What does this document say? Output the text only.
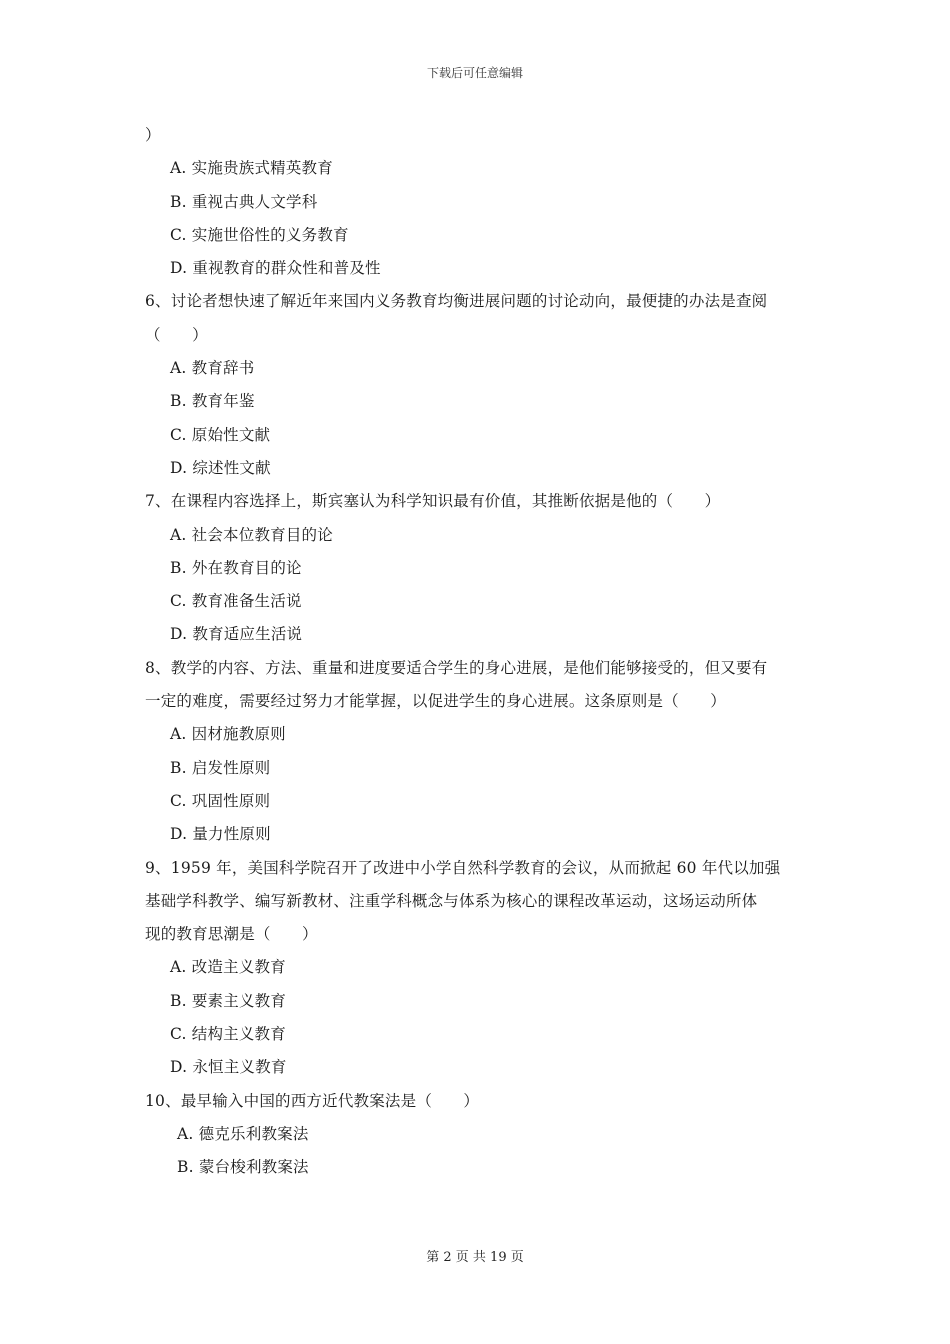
下载后可任意编辑
）
A. 实施贵族式精英教育
B. 重视古典人文学科
C. 实施世俗性的义务教育
D. 重视教育的群众性和普及性
6、讨论者想快速了解近年来国内义务教育均衡进展问题的讨论动向，最便捷的办法是查阅
（　　）
A. 教育辞书
B. 教育年鉴
C. 原始性文献
D. 综述性文献
7、在课程内容选择上，斯宾塞认为科学知识最有价值，其推断依据是他的（　　）
A. 社会本位教育目的论
B. 外在教育目的论
C. 教育准备生活说
D. 教育适应生活说
8、教学的内容、方法、重量和进度要适合学生的身心进展，是他们能够接受的，但又要有
一定的难度，需要经过努力才能掌握，以促进学生的身心进展。这条原则是（　　）
A. 因材施教原则
B. 启发性原则
C. 巩固性原则
D. 量力性原则
9、1959 年，美国科学院召开了改进中小学自然科学教育的会议，从而掀起 60 年代以加强
基础学科教学、编写新教材、注重学科概念与体系为核心的课程改革运动，这场运动所体
现的教育思潮是（　　）
A. 改造主义教育
B. 要素主义教育
C. 结构主义教育
D. 永恒主义教育
10、最早输入中国的西方近代教案法是（　　）
A. 德克乐利教案法
B. 蒙台梭利教案法
第 2 页 共 19 页
